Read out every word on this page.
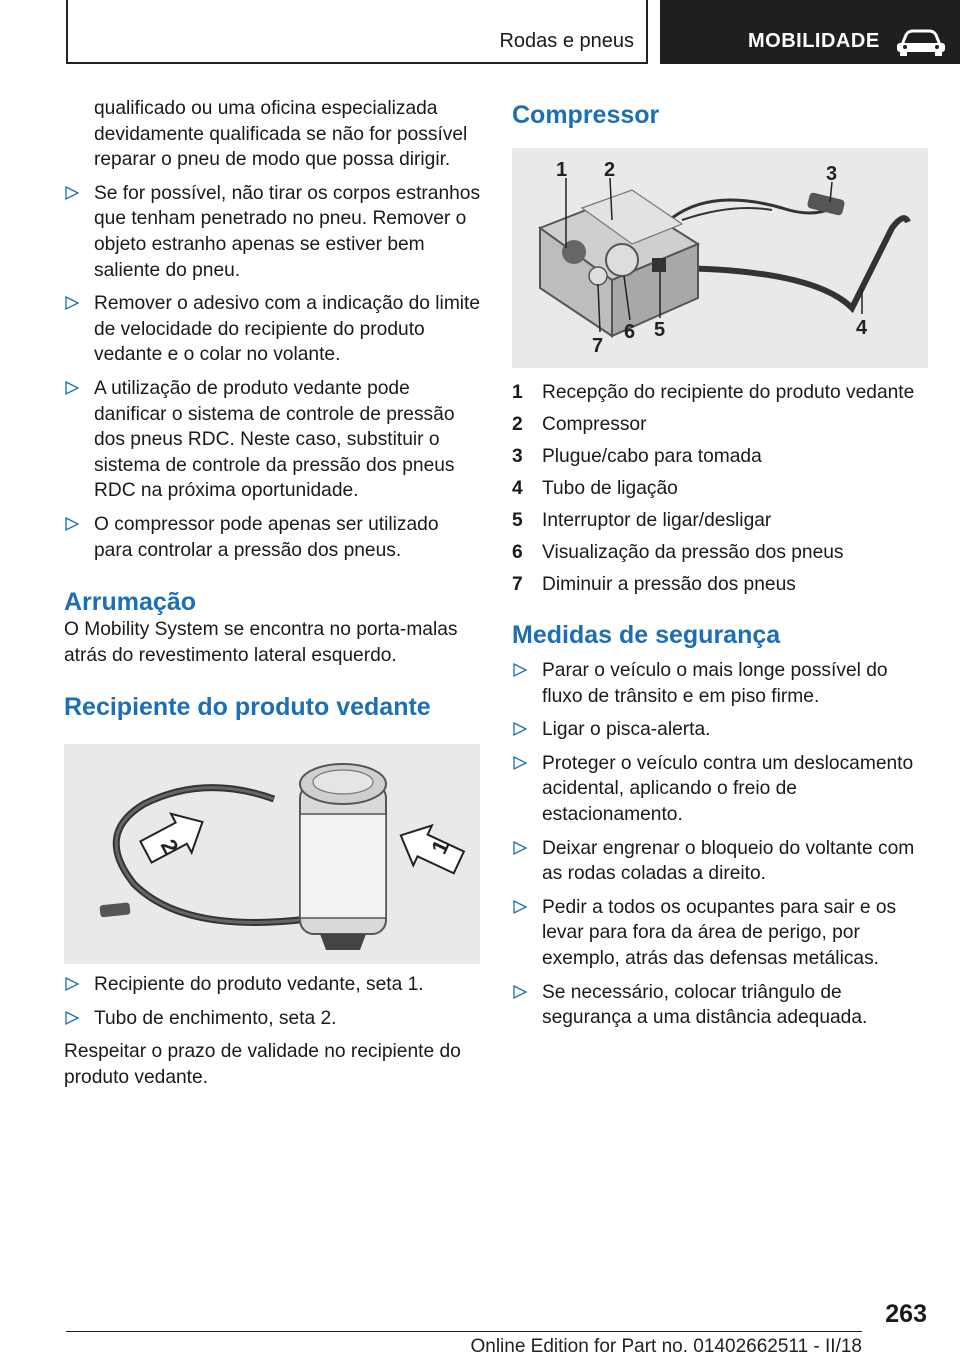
Rodas e pneus	MOBILIDADE

qualificado ou uma oficina especializada devidamente qualificada se não for possível reparar o pneu de modo que possa dirigir.

Se for possível, não tirar os corpos estranhos que tenham penetrado no pneu. Remover o objeto estranho apenas se estiver bem saliente do pneu.
Remover o adesivo com a indicação do limite de velocidade do recipiente do produto vedante e o colar no volante.
A utilização de produto vedante pode danificar o sistema de controle de pressão dos pneus RDC. Neste caso, substituir o sistema de controle da pressão dos pneus RDC na próxima oportunidade.
O compressor pode apenas ser utilizado para controlar a pressão dos pneus.
Arrumação

O Mobility System se encontra no porta-malas atrás do revestimento lateral esquerdo.

Recipiente do produto vedante
2	1
Recipiente do produto vedante, seta 1.
Tubo de enchimento, seta 2.

Respeitar o prazo de validade no recipiente do produto vedante.

Compressor
1 2	3
4
5
6
7
1 Recepção do recipiente do produto vedante
2 Compressor
3 Plugue/cabo para tomada
4 Tubo de ligação
5 Interruptor de ligar/desligar
6 Visualização da pressão dos pneus
7 Diminuir a pressão dos pneus
Medidas de segurança
Parar o veículo o mais longe possível do fluxo de trânsito e em piso firme.
Ligar o pisca-alerta.
Proteger o veículo contra um deslocamento acidental, aplicando o freio de estacionamento.
Deixar engrenar o bloqueio do voltante com as rodas coladas a direito.
Pedir a todos os ocupantes para sair e os levar para fora da área de perigo, por exemplo, atrás das defensas metálicas.
Se necessário, colocar triângulo de segurança a uma distância adequada.
263
Online Edition for Part no. 01402662511 - II/18
